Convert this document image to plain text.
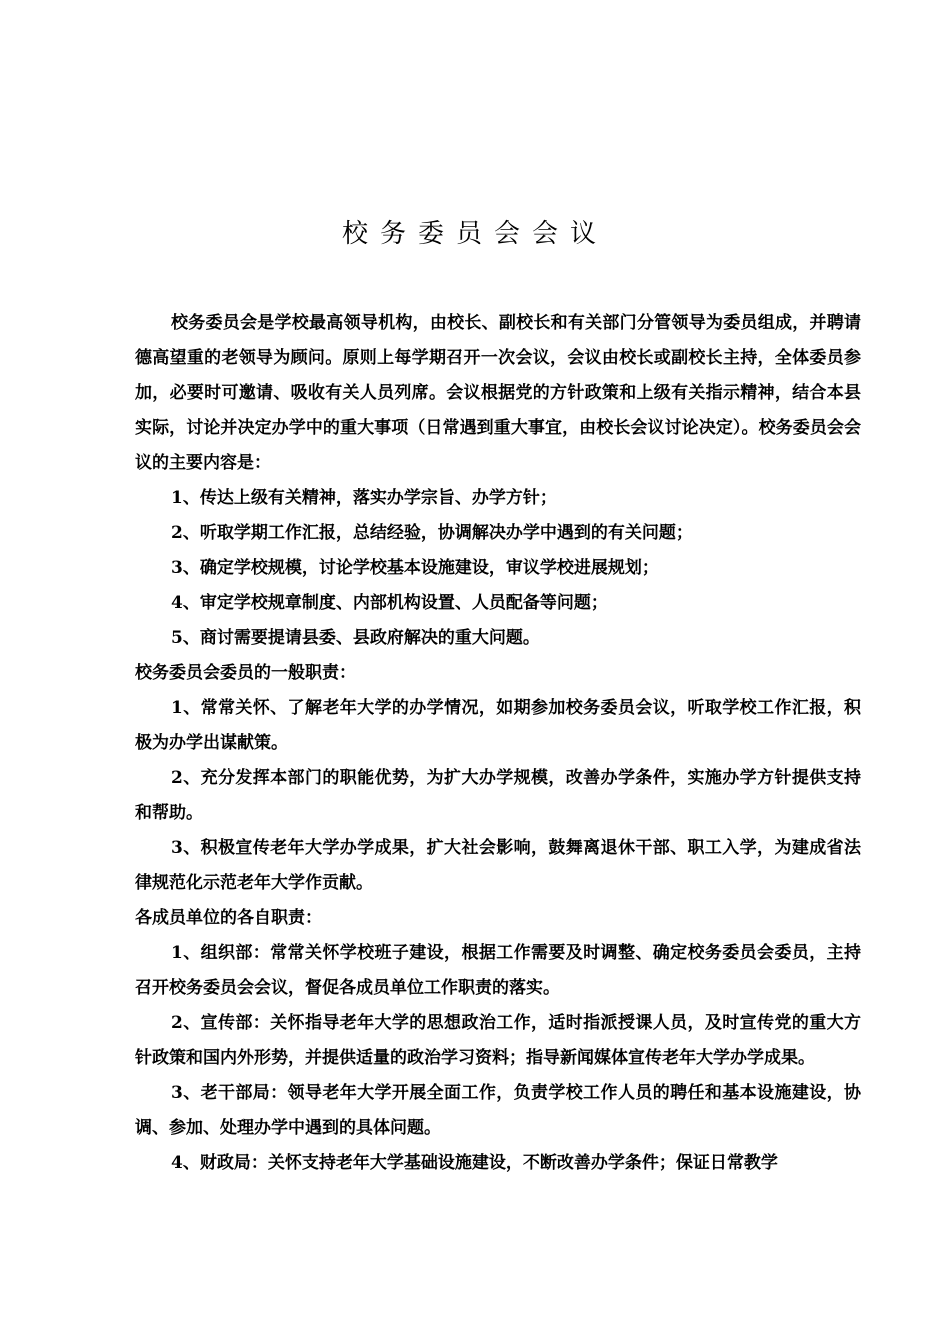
校务委员会会议

校务委员会是学校最高领导机构，由校长、副校长和有关部门分管领导为委员组成，并聘请德高望重的老领导为顾问。原则上每学期召开一次会议，会议由校长或副校长主持，全体委员参加，必要时可邀请、吸收有关人员列席。会议根据党的方针政策和上级有关指示精神，结合本县实际，讨论并决定办学中的重大事项（日常遇到重大事宜，由校长会议讨论决定）。校务委员会会议的主要内容是：

1、传达上级有关精神，落实办学宗旨、办学方针；

2、听取学期工作汇报，总结经验，协调解决办学中遇到的有关问题；

3、确定学校规模，讨论学校基本设施建设，审议学校进展规划；

4、审定学校规章制度、内部机构设置、人员配备等问题；

5、商讨需要提请县委、县政府解决的重大问题。

校务委员会委员的一般职责：

1、常常关怀、了解老年大学的办学情况，如期参加校务委员会议，听取学校工作汇报，积极为办学出谋献策。

2、充分发挥本部门的职能优势，为扩大办学规模，改善办学条件，实施办学方针提供支持和帮助。

3、积极宣传老年大学办学成果，扩大社会影响，鼓舞离退休干部、职工入学，为建成省法律规范化示范老年大学作贡献。

各成员单位的各自职责：

1、组织部：常常关怀学校班子建设，根据工作需要及时调整、确定校务委员会委员，主持召开校务委员会会议，督促各成员单位工作职责的落实。

2、宣传部：关怀指导老年大学的思想政治工作，适时指派授课人员，及时宣传党的重大方针政策和国内外形势，并提供适量的政治学习资料；指导新闻媒体宣传老年大学办学成果。

3、老干部局：领导老年大学开展全面工作，负责学校工作人员的聘任和基本设施建设，协调、参加、处理办学中遇到的具体问题。

4、财政局：关怀支持老年大学基础设施建设，不断改善办学条件；保证日常教学
